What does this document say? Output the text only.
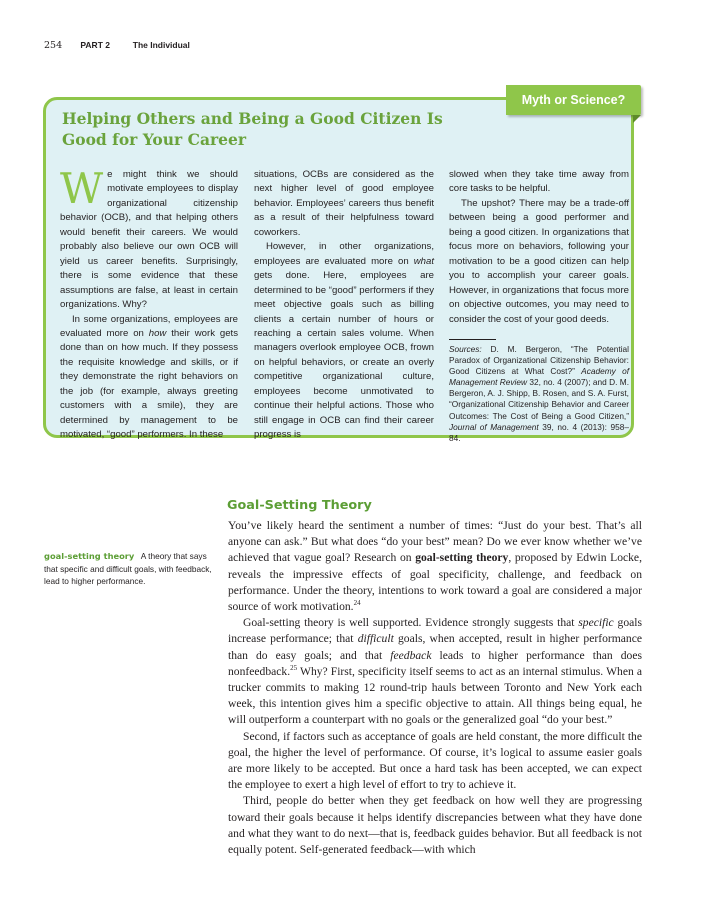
254 PART 2	The Individual
Myth or Science?
Helping Others and Being a Good Citizen Is Good for Your Career

We might think we should motivate employees to display organizational citizenship behavior (OCB), and that helping others would benefit their careers. We would probably also believe our own OCB will yield us career benefits. Surprisingly, there is some evidence that these assumptions are false, at least in certain organizations. Why?

In some organizations, employees are evaluated more on how their work gets done than on how much. If they possess the requisite knowledge and skills, or if they demonstrate the right behaviors on the job (for example, always greeting customers with a smile), they are determined by management to be motivated, “good” performers. In these

situations, OCBs are considered as the next higher level of good employee behavior. Employees’ careers thus benefit as a result of their helpfulness toward coworkers.

However, in other organizations, employees are evaluated more on what gets done. Here, employees are determined to be “good” performers if they meet objective goals such as billing clients a certain number of hours or reaching a certain sales volume. When managers overlook employee OCB, frown on helpful behaviors, or create an overly competitive organizational culture, employees become unmotivated to continue their helpful actions. Those who still engage in OCB can find their career progress is

slowed when they take time away from core tasks to be helpful.

The upshot? There may be a trade-off between being a good performer and being a good citizen. In organizations that focus more on behaviors, following your motivation to be a good citizen can help you to accomplish your career goals. However, in organizations that focus more on objective outcomes, you may need to consider the cost of your good deeds.

Sources: D. M. Bergeron, “The Potential Paradox of Organizational Citizenship Behavior: Good Citizens at What Cost?” Academy of Management Review 32, no. 4 (2007); and D. M. Bergeron, A. J. Shipp, B. Rosen, and S. A. Furst, “Organizational Citizenship Behavior and Career Outcomes: The Cost of Being a Good Citizen,” Journal of Management 39, no. 4 (2013): 958–84.
Goal-Setting Theory
goal-setting theory A theory that says that specific and difficult goals, with feedback, lead to higher performance.

You’ve likely heard the sentiment a number of times: “Just do your best. That’s all anyone can ask.” But what does “do your best” mean? Do we ever know whether we’ve achieved that vague goal? Research on goal-setting theory, proposed by Edwin Locke, reveals the impressive effects of goal specificity, challenge, and feedback on performance. Under the theory, intentions to work toward a goal are considered a major source of work motivation.$^{24}$

Goal-setting theory is well supported. Evidence strongly suggests that specific goals increase performance; that difficult goals, when accepted, result in higher performance than do easy goals; and that feedback leads to higher performance than does nonfeedback.$^{25}$ Why? First, specificity itself seems to act as an internal stimulus. When a trucker commits to making 12 round-trip hauls between Toronto and New York each week, this intention gives him a specific objective to attain. All things being equal, he will outperform a counterpart with no goals or the generalized goal “do your best.”

Second, if factors such as acceptance of goals are held constant, the more difficult the goal, the higher the level of performance. Of course, it’s logical to assume easier goals are more likely to be accepted. But once a hard task has been accepted, we can expect the employee to exert a high level of effort to try to achieve it.

Third, people do better when they get feedback on how well they are progressing toward their goals because it helps identify discrepancies between what they have done and what they want to do next—that is, feedback guides behavior. But all feedback is not equally potent. Self-generated feedback—with which
